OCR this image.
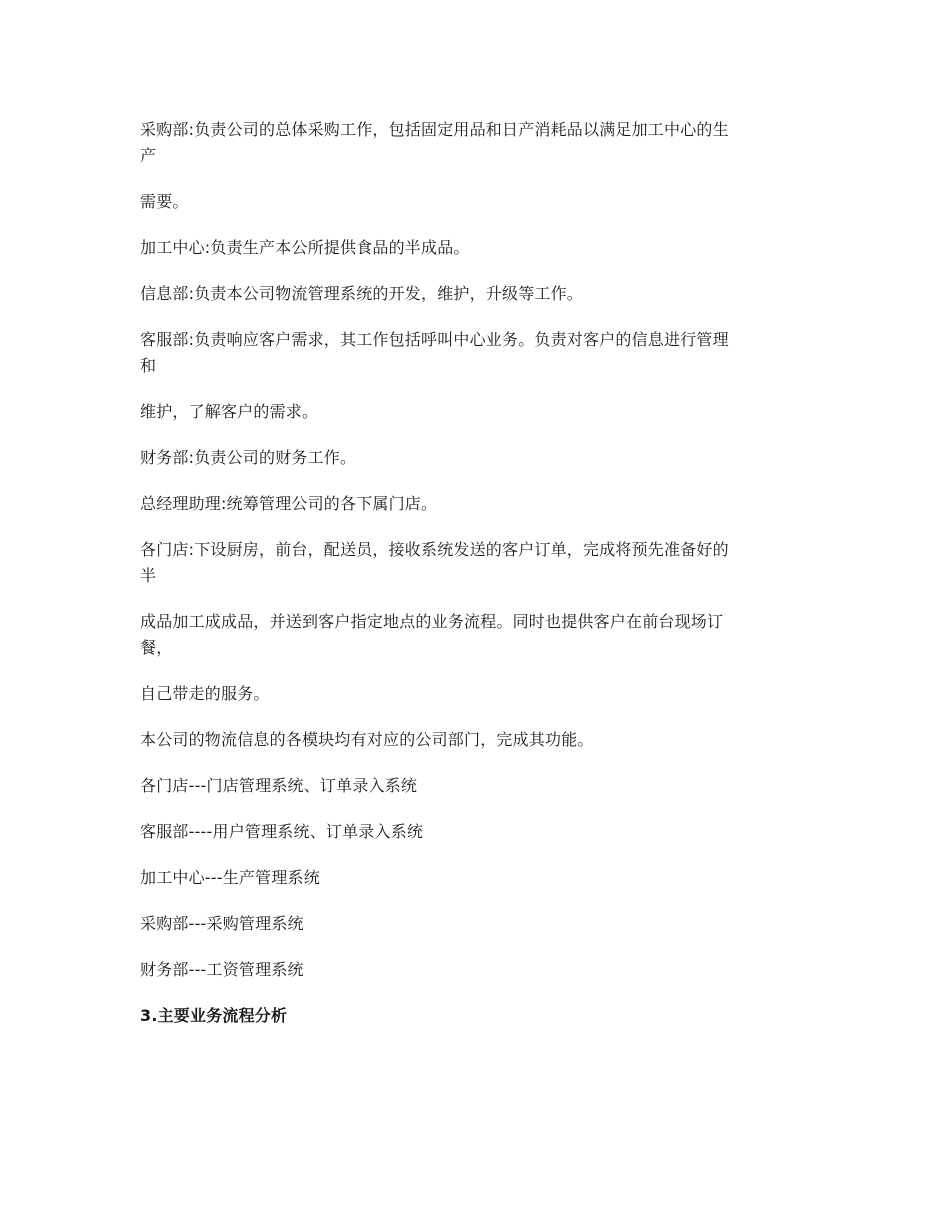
采购部:负责公司的总体采购工作，包括固定用品和日产消耗品以满足加工中心的生
产
需要。
加工中心:负责生产本公所提供食品的半成品。
信息部:负责本公司物流管理系统的开发，维护，升级等工作。
客服部:负责响应客户需求，其工作包括呼叫中心业务。负责对客户的信息进行管理
和
维护，了解客户的需求。
财务部:负责公司的财务工作。
总经理助理:统筹管理公司的各下属门店。
各门店:下设厨房，前台，配送员，接收系统发送的客户订单，完成将预先准备好的
半
成品加工成成品，并送到客户指定地点的业务流程。同时也提供客户在前台现场订
餐，
自己带走的服务。
本公司的物流信息的各模块均有对应的公司部门，完成其功能。
各门店---门店管理系统、订单录入系统
客服部----用户管理系统、订单录入系统
加工中心---生产管理系统
采购部---采购管理系统
财务部---工资管理系统
3.主要业务流程分析
